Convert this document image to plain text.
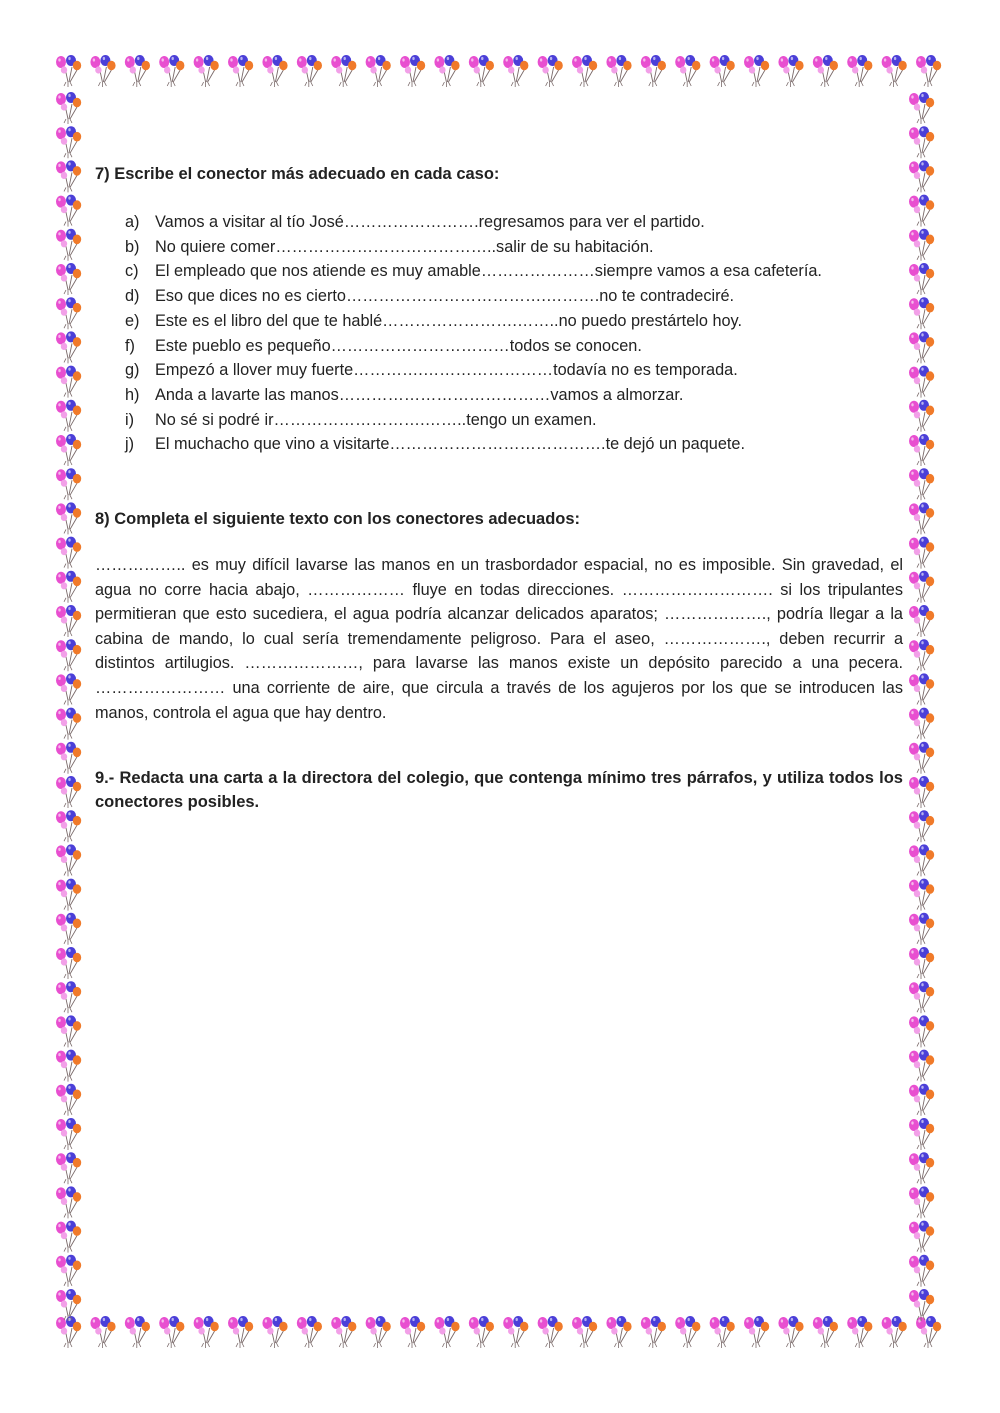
7) Escribe el conector más adecuado en cada caso:

a) Vamos a visitar al tío José…………………….regresamos para ver el partido.
b) No quiere comer…………………………………..salir de su habitación.
c)	El empleado que nos atiende es muy amable…………………siempre vamos a esa cafetería.
d) Eso que dices no es cierto……………………………….……….no te contradeciré.
e) Este es el libro del que te hablé…………………….……..no puedo prestártelo hoy.
f)	Este pueblo es pequeño……………………………todos se conocen.
g) Empezó a llover muy fuerte………….……………………todavía no es temporada.
h) Anda a lavarte las manos…………………………………vamos a almorzar.
i)	No sé si podré ir……………………….……..tengo un examen.
j)	El muchacho que vino a visitarte………………………………….te dejó un paquete.

8) Completa el siguiente texto con los conectores adecuados:

…………….. es muy difícil lavarse las manos en un trasbordador espacial, no es imposible. Sin gravedad, el agua no corre hacia abajo, ……………… fluye en todas direcciones. ………………………. si los tripulantes permitieran que esto sucediera, el agua podría alcanzar delicados aparatos; ………………., podría llegar a la cabina de mando, lo cual sería tremendamente peligroso. Para el aseo, ………………., deben recurrir a distintos artilugios. …………………, para lavarse las manos existe un depósito parecido a una pecera. …………………… una corriente de aire, que circula a través de los agujeros por los que se introducen las manos, controla el agua que hay dentro.

9.- Redacta una carta a la directora del colegio, que contenga mínimo tres párrafos, y utiliza todos los conectores posibles.
